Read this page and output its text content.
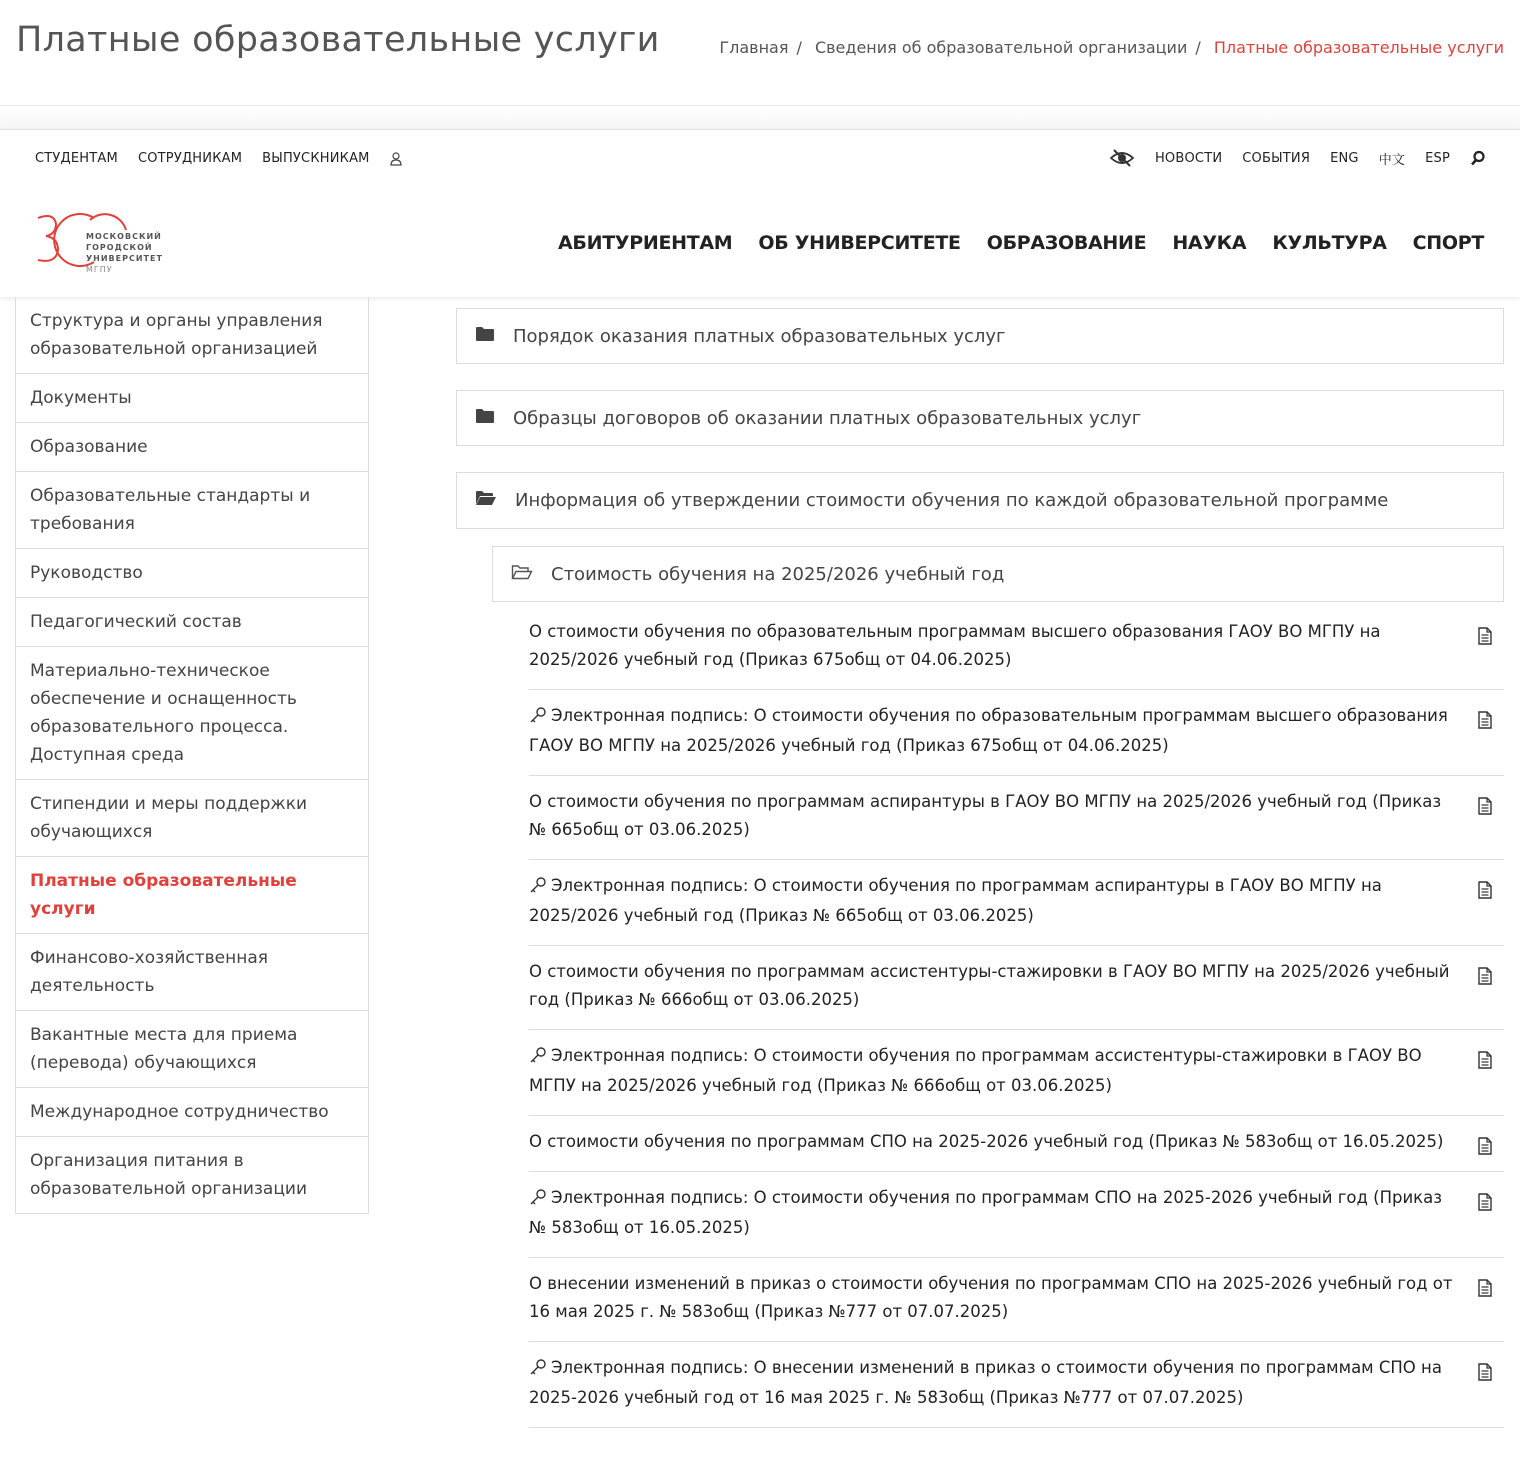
Платные образовательные услуги	Главная / Сведения об образовательной организации / Платные образовательные услуги
СТУДЕНТАМ СОТРУДНИКАМ ВЫПУСКНИКАМ	НОВОСТИ СОБЫТИЯ ENG 中文 ESP
МОСКОВСКИЙ
ГОРОДСКОЙ
УНИВЕРСИТЕТ
МГПУ
АБИТУРИЕНТАМ ОБ УНИВЕРСИТЕТЕ ОБРАЗОВАНИЕ НАУКА КУЛЬТУРА СПОРТ
Структура и органы управления образовательной организацией
Документы
Образование
Образовательные стандарты и требования
Руководство
Педагогический состав
Материально-техническое обеспечение и оснащенность образовательного процесса. Доступная среда
Стипендии и меры поддержки обучающихся
Платные образовательные услуги
Финансово-хозяйственная деятельность
Вакантные места для приема (перевода) обучающихся
Международное сотрудничество
Организация питания в образовательной организации
Порядок оказания платных образовательных услуг
Образцы договоров об оказании платных образовательных услуг
Информация об утверждении стоимости обучения по каждой образовательной программе
Стоимость обучения на 2025/2026 учебный год
О стоимости обучения по образовательным программам высшего образования ГАОУ ВО МГПУ на 2025/2026 учебный год (Приказ 675общ от 04.06.2025)
Электронная подпись: О стоимости обучения по образовательным программам высшего образования ГАОУ ВО МГПУ на 2025/2026 учебный год (Приказ 675общ от 04.06.2025)
О стоимости обучения по программам аспирантуры в ГАОУ ВО МГПУ на 2025/2026 учебный год (Приказ № 665общ от 03.06.2025)
Электронная подпись: О стоимости обучения по программам аспирантуры в ГАОУ ВО МГПУ на 2025/2026 учебный год (Приказ № 665общ от 03.06.2025)
О стоимости обучения по программам ассистентуры-стажировки в ГАОУ ВО МГПУ на 2025/2026 учебный год (Приказ № 666общ от 03.06.2025)
Электронная подпись: О стоимости обучения по программам ассистентуры-стажировки в ГАОУ ВО МГПУ на 2025/2026 учебный год (Приказ № 666общ от 03.06.2025)
О стоимости обучения по программам СПО на 2025-2026 учебный год (Приказ № 583общ от 16.05.2025)
Электронная подпись: О стоимости обучения по программам СПО на 2025-2026 учебный год (Приказ № 583общ от 16.05.2025)
О внесении изменений в приказ о стоимости обучения по программам СПО на 2025-2026 учебный год от 16 мая 2025 г. № 583общ (Приказ №777 от 07.07.2025)
Электронная подпись: О внесении изменений в приказ о стоимости обучения по программам СПО на 2025-2026 учебный год от 16 мая 2025 г. № 583общ (Приказ №777 от 07.07.2025)
